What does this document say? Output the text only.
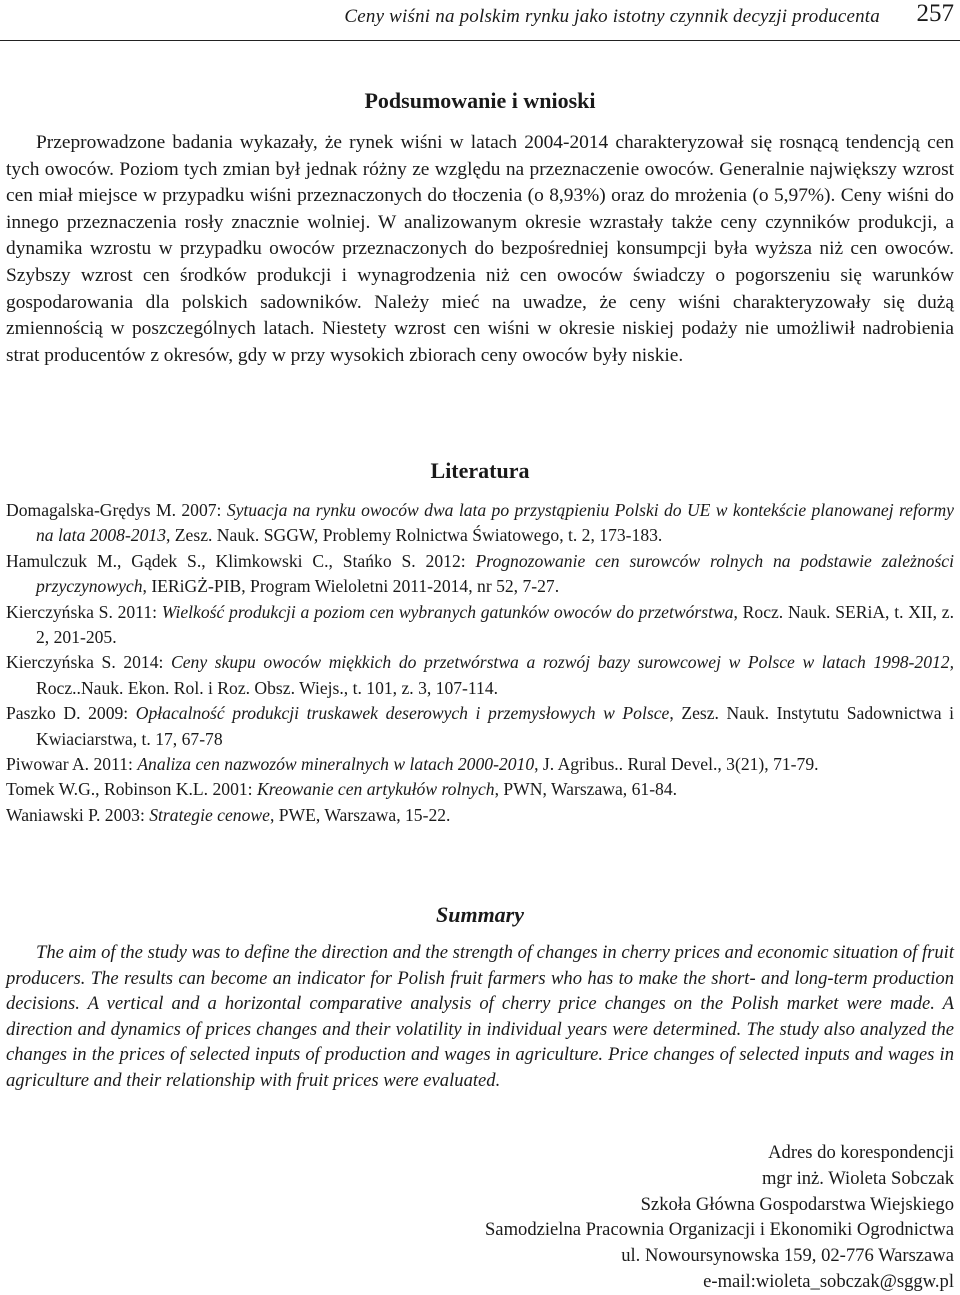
Ceny wiśni na polskim rynku jako istotny czynnik decyzji producenta 257
Podsumowanie i wnioski

Przeprowadzone badania wykazały, że rynek wiśni w latach 2004-2014 charakteryzował się rosnącą tendencją cen tych owoców. Poziom tych zmian był jednak różny ze względu na przeznaczenie owoców. Generalnie największy wzrost cen miał miejsce w przypadku wiśni przeznaczonych do tłoczenia (o 8,93%) oraz do mrożenia (o 5,97%). Ceny wiśni do innego przeznaczenia rosły znacznie wolniej. W analizowanym okresie wzrastały także ceny czynników produkcji, a dynamika wzrostu w przypadku owoców przeznaczonych do bezpośredniej konsumpcji była wyższa niż cen owoców. Szybszy wzrost cen środków produkcji i wynagrodzenia niż cen owoców świadczy o pogorszeniu się warunków gospodarowania dla polskich sadowników. Należy mieć na uwadze, że ceny wiśni charakteryzowały się dużą zmiennością w poszczególnych latach. Niestety wzrost cen wiśni w okresie niskiej podaży nie umożliwił nadrobienia strat producentów z okresów, gdy w przy wysokich zbiorach ceny owoców były niskie.

Literatura

Domagalska-Grędys M. 2007: Sytuacja na rynku owoców dwa lata po przystąpieniu Polski do UE w kontekście planowanej reformy na lata 2008-2013, Zesz. Nauk. SGGW, Problemy Rolnictwa Światowego, t. 2, 173-183.

Hamulczuk M., Gądek S., Klimkowski C., Stańko S. 2012: Prognozowanie cen surowców rolnych na podstawie zależności przyczynowych, IERiGŻ-PIB, Program Wieloletni 2011-2014, nr 52, 7-27.

Kierczyńska S. 2011: Wielkość produkcji a poziom cen wybranych gatunków owoców do przetwórstwa, Rocz. Nauk. SERiA, t. XII, z. 2, 201-205.

Kierczyńska S. 2014: Ceny skupu owoców miękkich do przetwórstwa a rozwój bazy surowcowej w Polsce w latach 1998-2012, Rocz..Nauk. Ekon. Rol. i Roz. Obsz. Wiejs., t. 101, z. 3, 107-114.

Paszko D. 2009: Opłacalność produkcji truskawek deserowych i przemysłowych w Polsce, Zesz. Nauk. Instytutu Sadownictwa i Kwiaciarstwa, t. 17, 67-78

Piwowar A. 2011: Analiza cen nazwozów mineralnych w latach 2000-2010, J. Agribus.. Rural Devel., 3(21), 71-79.

Tomek W.G., Robinson K.L. 2001: Kreowanie cen artykułów rolnych, PWN, Warszawa, 61-84.

Waniawski P. 2003: Strategie cenowe, PWE, Warszawa, 15-22.

Summary

The aim of the study was to define the direction and the strength of changes in cherry prices and economic situation of fruit producers. The results can become an indicator for Polish fruit farmers who has to make the short- and long-term production decisions. A vertical and a horizontal comparative analysis of cherry price changes on the Polish market were made. A direction and dynamics of prices changes and their volatility in individual years were determined. The study also analyzed the changes in the prices of selected inputs of production and wages in agriculture. Price changes of selected inputs and wages in agriculture and their relationship with fruit prices were evaluated.

Adres do korespondencji
mgr inż. Wioleta Sobczak
Szkoła Główna Gospodarstwa Wiejskiego
Samodzielna Pracownia Organizacji i Ekonomiki Ogrodnictwa
ul. Nowoursynowska 159, 02-776 Warszawa
e-mail:wioleta_sobczak@sggw.pl
